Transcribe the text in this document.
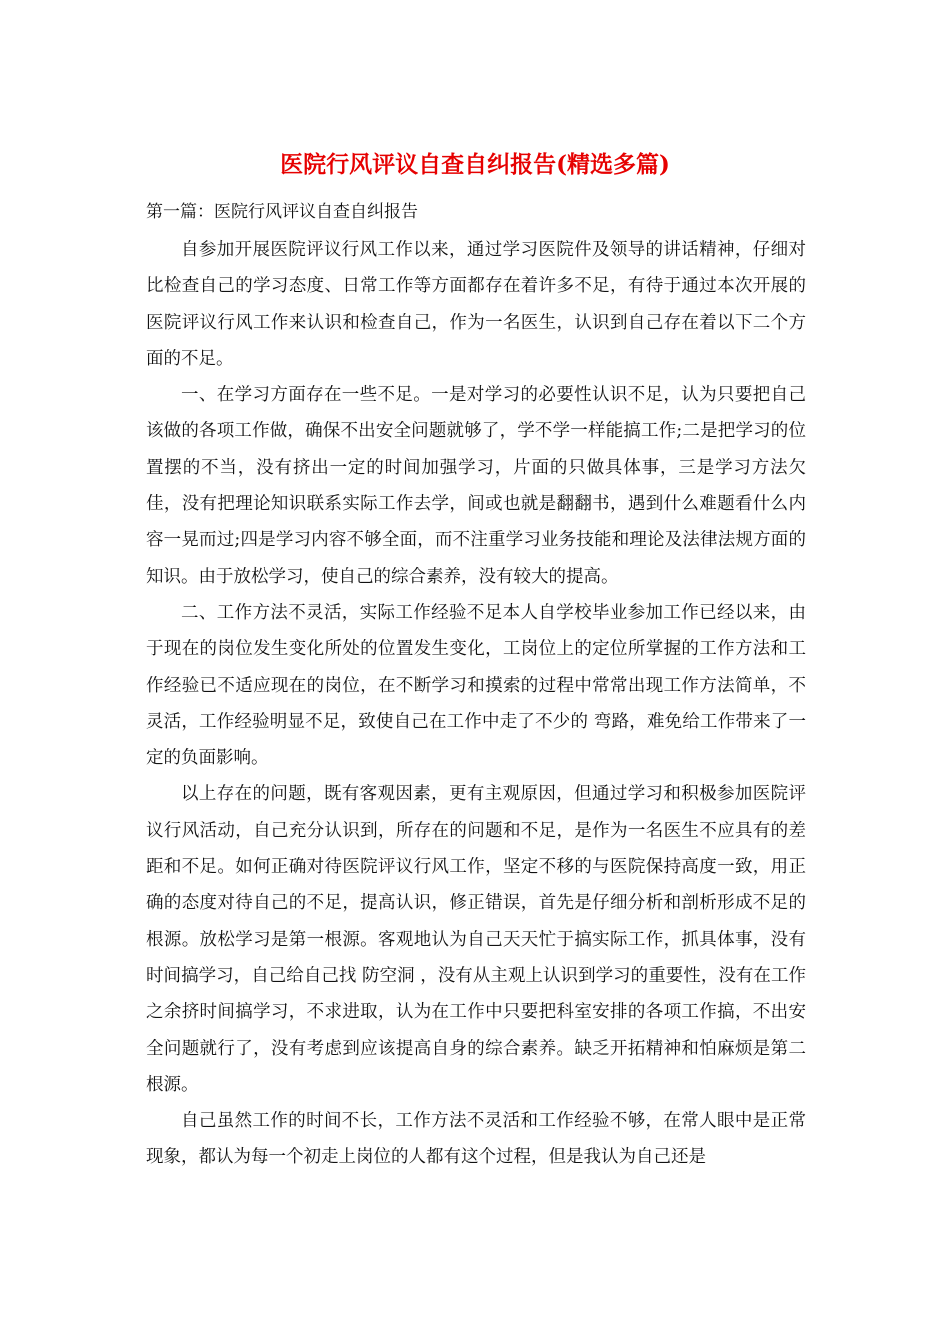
医院行风评议自查自纠报告(精选多篇)

第一篇：医院行风评议自查自纠报告

自参加开展医院评议行风工作以来，通过学习医院件及领导的讲话精神，仔细对比检查自己的学习态度、日常工作等方面都存在着许多不足，有待于通过本次开展的医院评议行风工作来认识和检查自己，作为一名医生，认识到自己存在着以下二个方面的不足。

一、在学习方面存在一些不足。一是对学习的必要性认识不足，认为只要把自己该做的各项工作做，确保不出安全问题就够了，学不学一样能搞工作;二是把学习的位置摆的不当，没有挤出一定的时间加强学习，片面的只做具体事，三是学习方法欠佳，没有把理论知识联系实际工作去学，间或也就是翻翻书，遇到什么难题看什么内容一晃而过;四是学习内容不够全面，而不注重学习业务技能和理论及法律法规方面的知识。由于放松学习，使自己的综合素养，没有较大的提高。

二、工作方法不灵活，实际工作经验不足本人自学校毕业参加工作已经以来，由于现在的岗位发生变化所处的位置发生变化，工岗位上的定位所掌握的工作方法和工作经验已不适应现在的岗位，在不断学习和摸索的过程中常常出现工作方法简单，不灵活，工作经验明显不足，致使自己在工作中走了不少的 弯路，难免给工作带来了一定的负面影响。

以上存在的问题，既有客观因素，更有主观原因，但通过学习和积极参加医院评议行风活动，自己充分认识到，所存在的问题和不足，是作为一名医生不应具有的差距和不足。如何正确对待医院评议行风工作，坚定不移的与医院保持高度一致，用正确的态度对待自己的不足，提高认识，修正错误，首先是仔细分析和剖析形成不足的根源。放松学习是第一根源。客观地认为自己天天忙于搞实际工作，抓具体事，没有时间搞学习，自己给自己找 防空洞 ，没有从主观上认识到学习的重要性，没有在工作之余挤时间搞学习，不求进取，认为在工作中只要把科室安排的各项工作搞，不出安全问题就行了，没有考虑到应该提高自身的综合素养。缺乏开拓精神和怕麻烦是第二根源。

自己虽然工作的时间不长，工作方法不灵活和工作经验不够，在常人眼中是正常现象，都认为每一个初走上岗位的人都有这个过程，但是我认为自己还是
